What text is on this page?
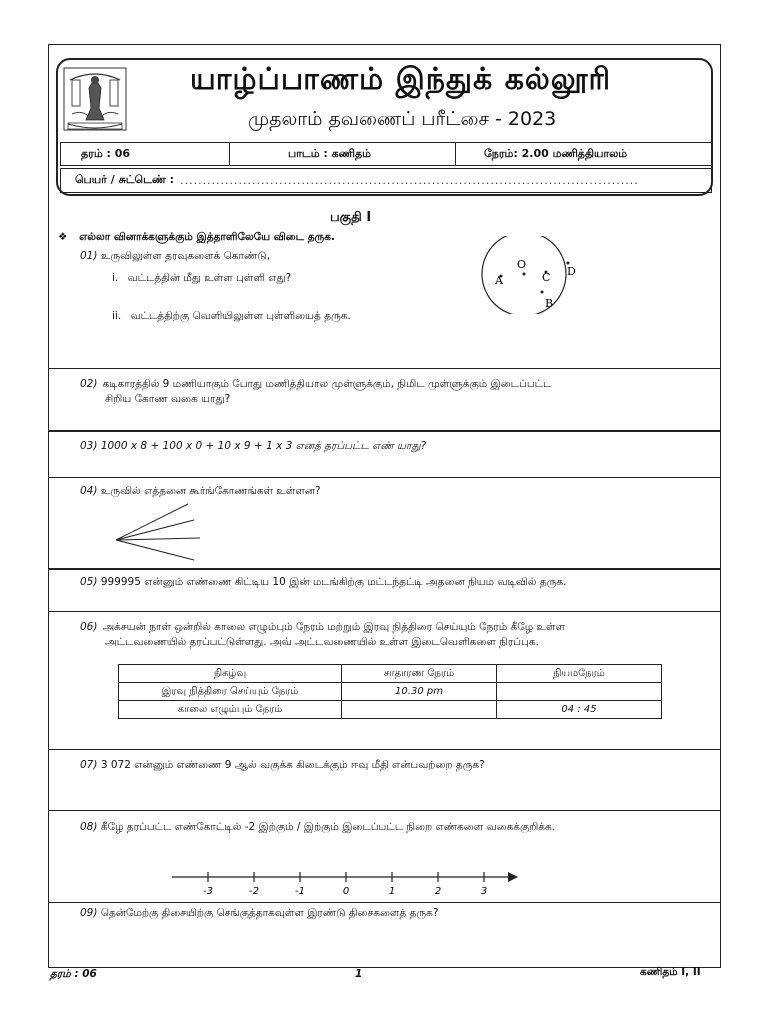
யாழ்ப்பாணம் இந்துக் கல்லூரி
முதலாம் தவணைப் பரீட்சை - 2023
தரம் : 06	பாடம் : கணிதம்	நேரம்: 2.00 மணித்தியாலம்
பெயர் / சுட்டெண் : ......................................................................................................
பகுதி I
❖ எல்லா வினாக்களுக்கும் இத்தாளிலேயே விடை தருக.
01) உருவிலுள்ள தரவுகளைக் கொண்டு,
i. வட்டத்தின் மீது உள்ள புள்ளி எது?
ii. வட்டத்திற்கு வெளியிலுள்ள புள்ளியைத் தருக.
O
A	C D
B
02) கடிகாரத்தில் 9 மணியாகும் போது மணித்தியால முள்ளுக்கும், நிமிட முள்ளுக்கும் இடைப்பட்ட
சிறிய கோண வகை யாது?
03) 1000 x 8 + 100 x 0 + 10 x 9 + 1 x 3 எனத் தரப்பட்ட எண் யாது?
04) உருவில் எத்தனை கூர்ங்கோணங்கள் உள்ளன?
05) 999995 என்னும் எண்ணை கிட்டிய 10 இன் மடங்கிற்கு மட்டந்தட்டி அதனை நியம வடிவில் தருக.
06) அக்சயன் நாள் ஒன்றில் காலை எழும்பும் நேரம் மற்றும் இரவு நித்திரை செய்யும் நேரம் கீழே உள்ள
அட்டவணையில் தரப்பட்டுள்ளது. அவ் அட்டவணையில் உள்ள இடைவெளிகளை நிரப்புக.
நிகழ்வு	சாதாரண நேரம்	நியமநேரம்
இரவு நித்திரை செய்யும் நேரம்	10.30 pm	
காலை எழும்பும் நேரம்		04 : 45
07) 3 072 என்னும் எண்ணை 9 ஆல் வகுக்க கிடைக்கும் ஈவு மீதி என்பவற்றை தருக?
08) கீழே தரப்பட்ட எண்கோட்டில் -2 இற்கும் / இற்கும் இடைப்பட்ட நிறை எண்களை வகைக்குறிக்க.
-3	-2	-1	0	1	2	3
09) தென்மேற்கு திசையிற்கு செங்குத்தாகவுள்ள இரண்டு திசைகளைத் தருக?
தரம் : 06	1	கணிதம் I, II
